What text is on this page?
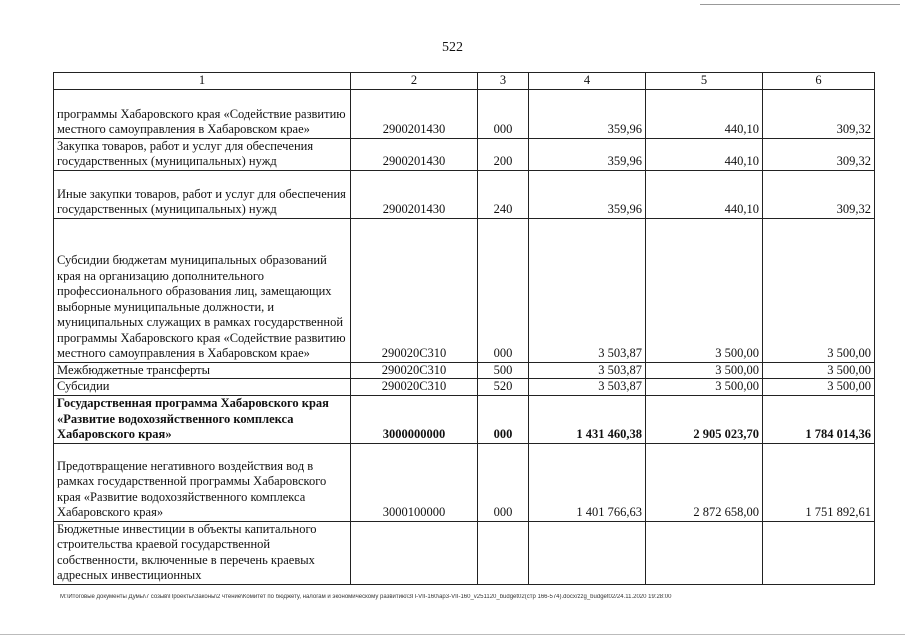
522
1	2	3	4	5	6
программы Хабаровского края «Содействие развитию местного самоуправления в Хабаровском крае»	2900201430	000	359,96	440,10	309,32
Закупка товаров, работ и услуг для обеспечения государственных (муниципальных) нужд	2900201430	200	359,96	440,10	309,32
Иные закупки товаров, работ и услуг для обеспечения государственных (муниципальных) нужд	2900201430	240	359,96	440,10	309,32
Субсидии бюджетам муниципальных образований края на организацию дополнительного профессионального образования лиц, замещающих выборные муниципальные должности, и муниципальных служащих в рамках государственной программы Хабаровского края «Содействие развитию местного самоуправления в Хабаровском крае»	290020С310	000	3 503,87	3 500,00	3 500,00
Межбюджетные трансферты	290020С310	500	3 503,87	3 500,00	3 500,00
Субсидии	290020С310	520	3 503,87	3 500,00	3 500,00
Государственная программа Хабаровского края «Развитие водохозяйственного комплекса Хабаровского края»	3000000000	000	1 431 460,38	2 905 023,70	1 784 014,36
Предотвращение негативного воздействия вод в рамках государственной программы Хабаровского края «Развитие водохозяйственного комплекса Хабаровского края»	3000100000	000	1 401 766,63	2 872 658,00	1 751 892,61
Бюджетные инвестиции в объекты капитального строительства краевой государственной собственности, включенные в перечень краевых адресных инвестиционных					
M:\Итоговые документы Думы\7 созыв\Проекты\Законы\2 чтение\Комитет по бюджету, налогам и экономическому развитию\ЗП-VII-160\ар3-VII-160_v251120_budget02(стр 166-574).docx/zzg_budget02/24.11.2020 19:28:00
